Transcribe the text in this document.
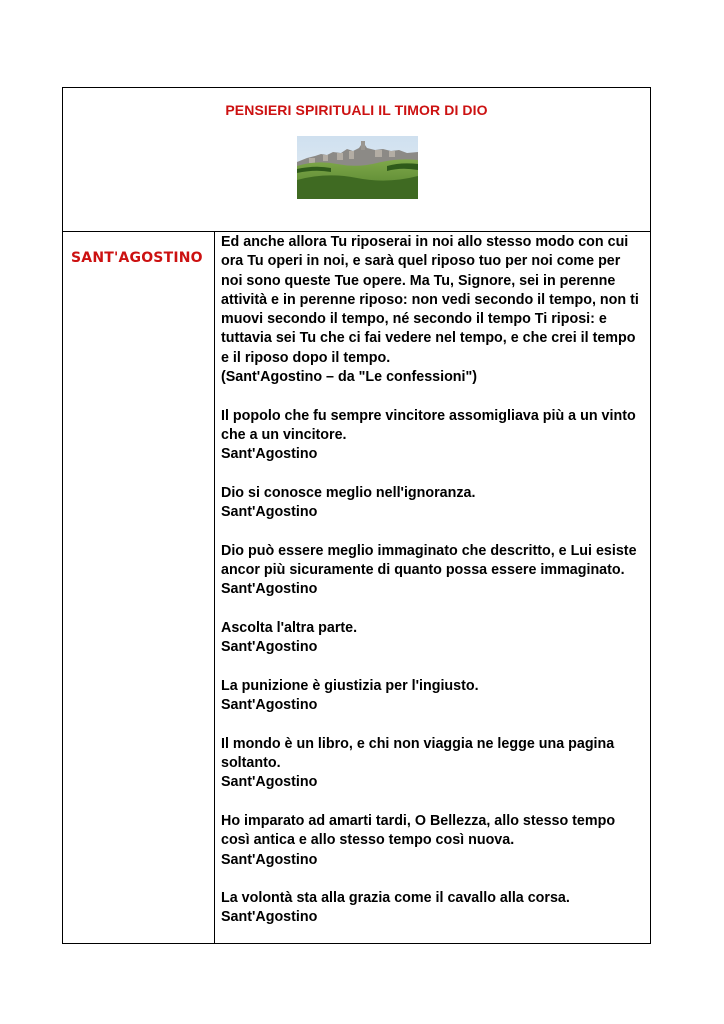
PENSIERI SPIRITUALI IL TIMOR DI DIO
SANT'AGOSTINO
Ed anche allora Tu riposerai in noi allo stesso modo con cui ora Tu operi in noi, e sarà quel riposo tuo per noi come per noi sono queste Tue opere. Ma Tu, Signore, sei in perenne attività e in perenne riposo: non vedi secondo il tempo, non ti muovi secondo il tempo, né secondo il tempo Ti riposi: e tuttavia sei Tu che ci fai vedere nel tempo, e che crei il tempo e il riposo dopo il tempo.
(Sant'Agostino – da "Le confessioni")
Il popolo che fu sempre vincitore assomigliava più a un vinto che a un vincitore.
Sant'Agostino
Dio si conosce meglio nell'ignoranza.
Sant'Agostino
Dio può essere meglio immaginato che descritto, e Lui esiste ancor più sicuramente di quanto possa essere immaginato.
Sant'Agostino
Ascolta l'altra parte.
Sant'Agostino
La punizione è giustizia per l'ingiusto.
Sant'Agostino
Il mondo è un libro, e chi non viaggia ne legge una pagina soltanto.
Sant'Agostino
Ho imparato ad amarti tardi, O Bellezza, allo stesso tempo così antica e allo stesso tempo così nuova.
Sant'Agostino
La volontà sta alla grazia come il cavallo alla corsa.
Sant'Agostino
